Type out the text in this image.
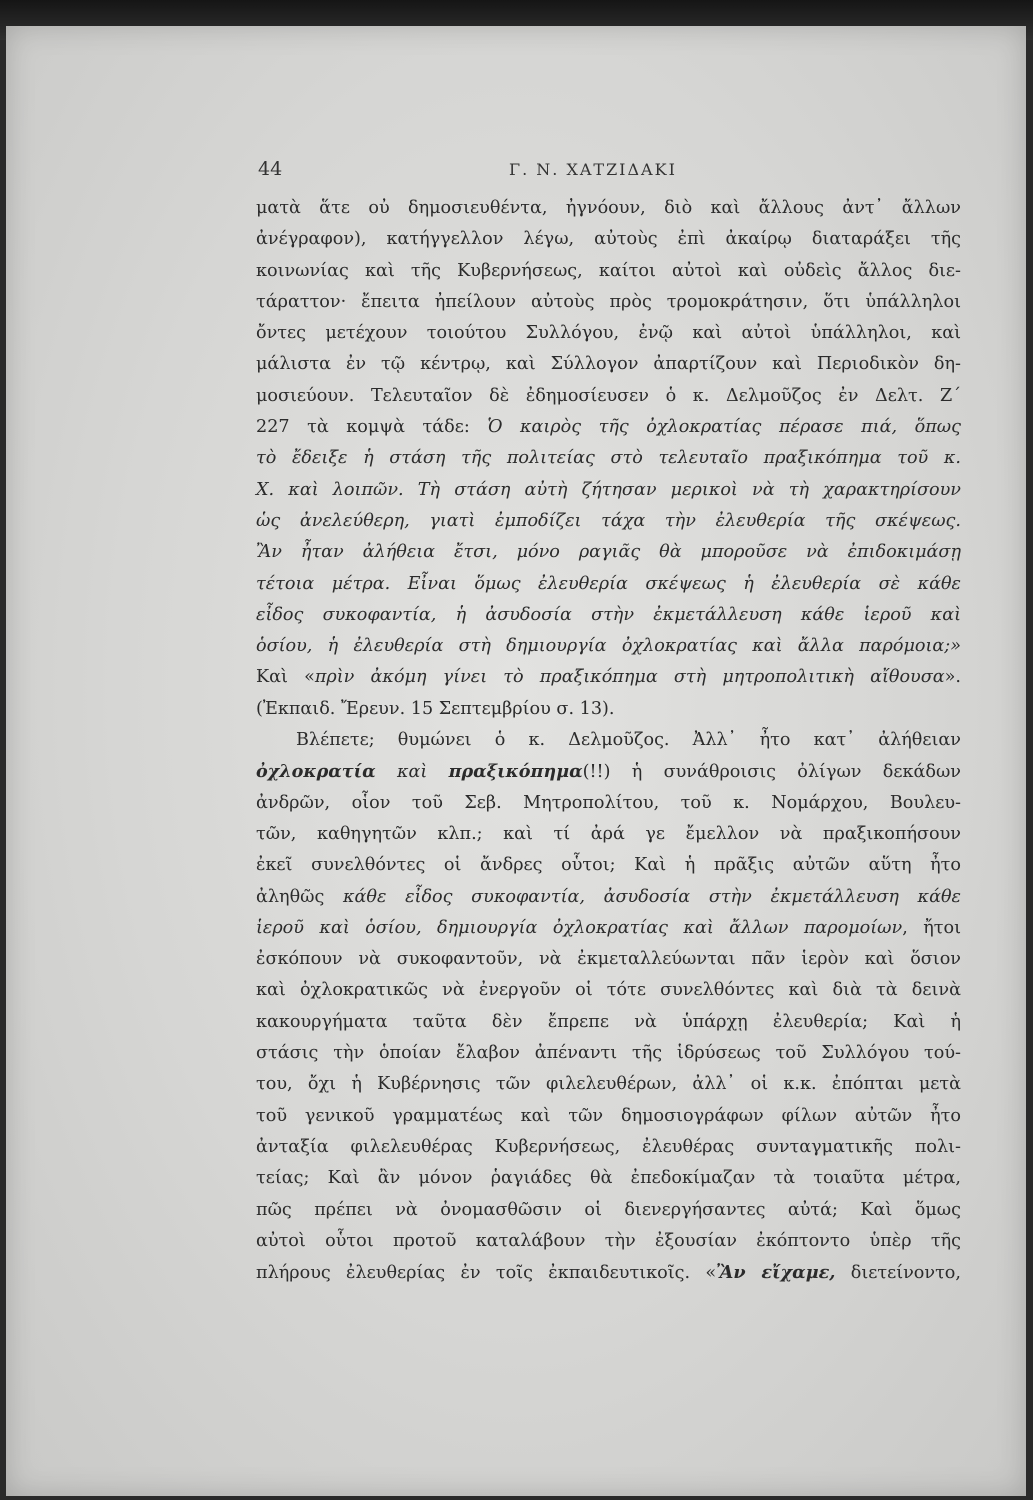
44	Γ. Ν. ΧΑΤΖΙΔΑΚΙ
ματὰ ἅτε οὐ δημοσιευθέντα, ἠγνόουν, διὸ καὶ ἄλλους ἀντ᾽ ἄλλων
ἀνέγραφον), κατήγγελλον λέγω, αὐτοὺς ἐπὶ ἀκαίρῳ διαταράξει τῆς
κοινωνίας καὶ τῆς Κυβερνήσεως, καίτοι αὐτοὶ καὶ οὐδεὶς ἄλλος διε-
τάραττον· ἔπειτα ἠπείλουν αὐτοὺς πρὸς τρομοκράτησιν, ὅτι ὑπάλληλοι
ὄντες μετέχουν τοιούτου Συλλόγου, ἐνῷ καὶ αὐτοὶ ὑπάλληλοι, καὶ
μάλιστα ἐν τῷ κέντρῳ, καὶ Σύλλογον ἀπαρτίζουν καὶ Περιοδικὸν δη-
μοσιεύουν. Τελευταῖον δὲ ἐδημοσίευσεν ὁ κ. Δελμοῦζος ἐν Δελτ. Ζ´
227 τὰ κομψὰ τάδε: Ὁ καιρὸς τῆς ὀχλοκρατίας πέρασε πιά, ὅπως
τὸ ἔδειξε ἡ στάση τῆς πολιτείας στὸ τελευταῖο πραξικόπημα τοῦ κ.
Χ. καὶ λοιπῶν. Τὴ στάση αὐτὴ ζήτησαν μερικοὶ νὰ τὴ χαρακτηρίσουν
ὡς ἀνελεύθερη, γιατὶ ἐμποδίζει τάχα τὴν ἐλευθερία τῆς σκέψεως.
Ἂν ἦταν ἀλήθεια ἔτσι, μόνο ραγιᾶς θὰ μποροῦσε νὰ ἐπιδοκιμάσῃ
τέτοια μέτρα. Εἶναι ὅμως ἐλευθερία σκέψεως ἡ ἐλευθερία σὲ κάθε
εἶδος συκοφαντία, ἡ ἀσυδοσία στὴν ἐκμετάλλευση κάθε ἱεροῦ καὶ
ὁσίου, ἡ ἐλευθερία στὴ δημιουργία ὀχλοκρατίας καὶ ἄλλα παρόμοια;»
Καὶ «πρὶν ἀκόμη γίνει τὸ πραξικόπημα στὴ μητροπολιτικὴ αἴθουσα».
(Ἐκπαιδ. Ἔρευν. 15 Σεπτεμβρίου σ. 13).
Βλέπετε; θυμώνει ὁ κ. Δελμοῦζος. Ἀλλ᾽ ἦτο κατ᾽ ἀλήθειαν
ὀχλοκρατία καὶ πραξικόπημα(!!) ἡ συνάθροισις ὀλίγων δεκάδων
ἀνδρῶν, οἷον τοῦ Σεβ. Μητροπολίτου, τοῦ κ. Νομάρχου, Βουλευ-
τῶν, καθηγητῶν κλπ.; καὶ τί ἀρά γε ἔμελλον νὰ πραξικοπήσουν
ἐκεῖ συνελθόντες οἱ ἄνδρες οὗτοι; Καὶ ἡ πρᾶξις αὐτῶν αὕτη ἦτο
ἀληθῶς κάθε εἶδος συκοφαντία, ἀσυδοσία στὴν ἐκμετάλλευση κάθε
ἱεροῦ καὶ ὁσίου, δημιουργία ὀχλοκρατίας καὶ ἄλλων παρομοίων, ἤτοι
ἐσκόπουν νὰ συκοφαντοῦν, νὰ ἐκμεταλλεύωνται πᾶν ἱερὸν καὶ ὅσιον
καὶ ὀχλοκρατικῶς νὰ ἐνεργοῦν οἱ τότε συνελθόντες καὶ διὰ τὰ δεινὰ
κακουργήματα ταῦτα δὲν ἔπρεπε νὰ ὑπάρχῃ ἐλευθερία; Καὶ ἡ
στάσις τὴν ὁποίαν ἔλαβον ἀπέναντι τῆς ἱδρύσεως τοῦ Συλλόγου τού-
του, ὄχι ἡ Κυβέρνησις τῶν φιλελευθέρων, ἀλλ᾽ οἱ κ.κ. ἐπόπται μετὰ
τοῦ γενικοῦ γραμματέως καὶ τῶν δημοσιογράφων φίλων αὐτῶν ἦτο
ἀνταξία φιλελευθέρας Κυβερνήσεως, ἐλευθέρας συνταγματικῆς πολι-
τείας; Καὶ ἂν μόνον ῥαγιάδες θὰ ἐπεδοκίμαζαν τὰ τοιαῦτα μέτρα,
πῶς πρέπει νὰ ὀνομασθῶσιν οἱ διενεργήσαντες αὐτά; Καὶ ὅμως
αὐτοὶ οὗτοι προτοῦ καταλάβουν τὴν ἐξουσίαν ἐκόπτοντο ὑπὲρ τῆς
πλήρους ἐλευθερίας ἐν τοῖς ἐκπαιδευτικοῖς. «Ἂν εἴχαμε, διετείνοντο,
